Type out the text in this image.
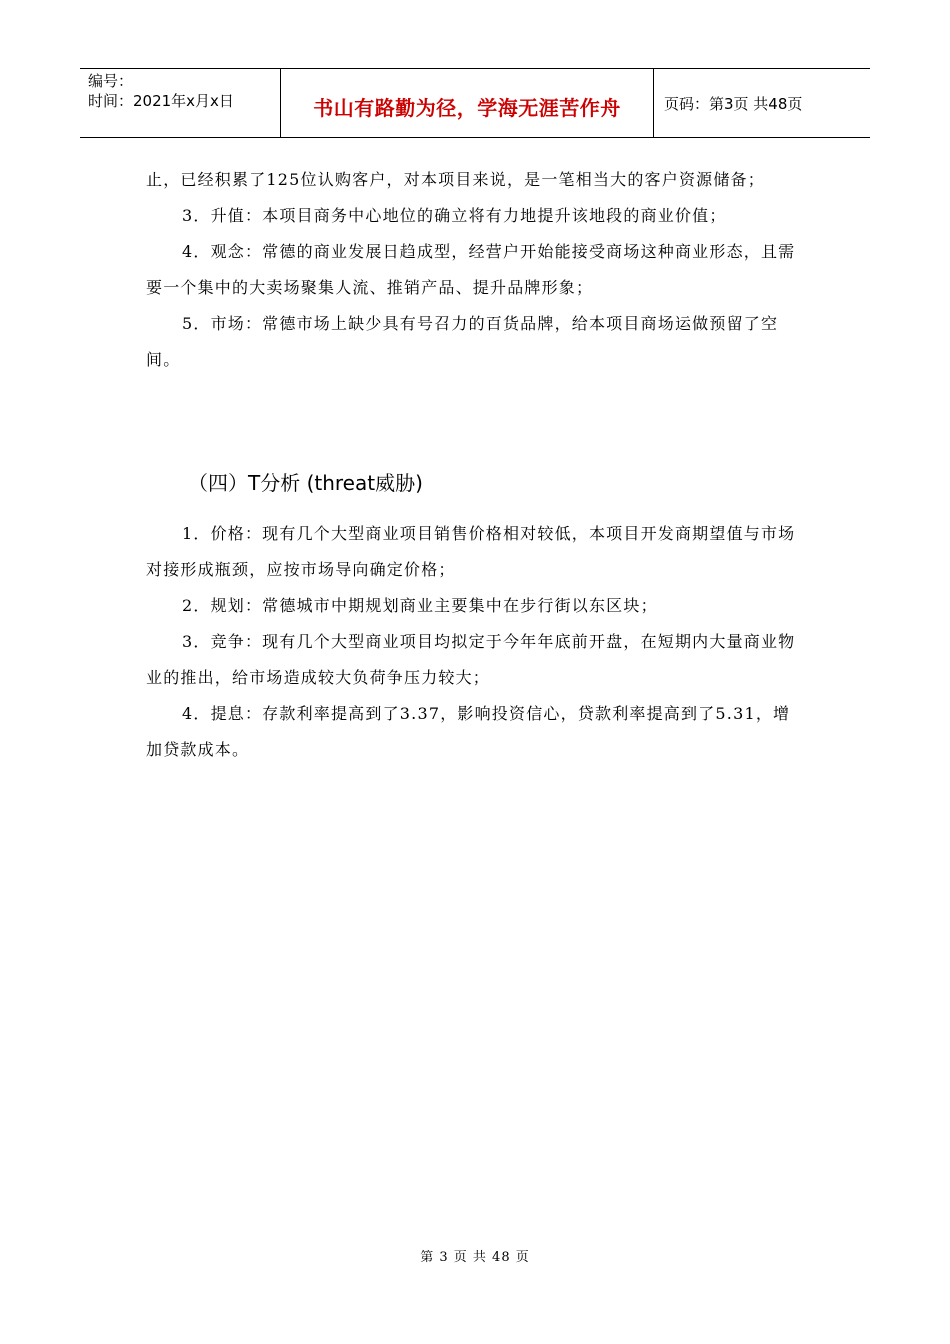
编号：
时间：2021年x月x日	书山有路勤为径，学海无涯苦作舟	页码：第3页 共48页

止，已经积累了125位认购客户，对本项目来说，是一笔相当大的客户资源储备；

3．升值：本项目商务中心地位的确立将有力地提升该地段的商业价值；

4．观念：常德的商业发展日趋成型，经营户开始能接受商场这种商业形态，且需要一个集中的大卖场聚集人流、推销产品、提升品牌形象；

5．市场：常德市场上缺少具有号召力的百货品牌，给本项目商场运做预留了空间。

（四）T分析 (threat威胁)

1．价格：现有几个大型商业项目销售价格相对较低，本项目开发商期望值与市场对接形成瓶颈，应按市场导向确定价格；

2．规划：常德城市中期规划商业主要集中在步行街以东区块；

3．竞争：现有几个大型商业项目均拟定于今年年底前开盘，在短期内大量商业物业的推出，给市场造成较大负荷争压力较大；

4．提息：存款利率提高到了3.37，影响投资信心，贷款利率提高到了5.31，增加贷款成本。

第 3 页 共 48 页
